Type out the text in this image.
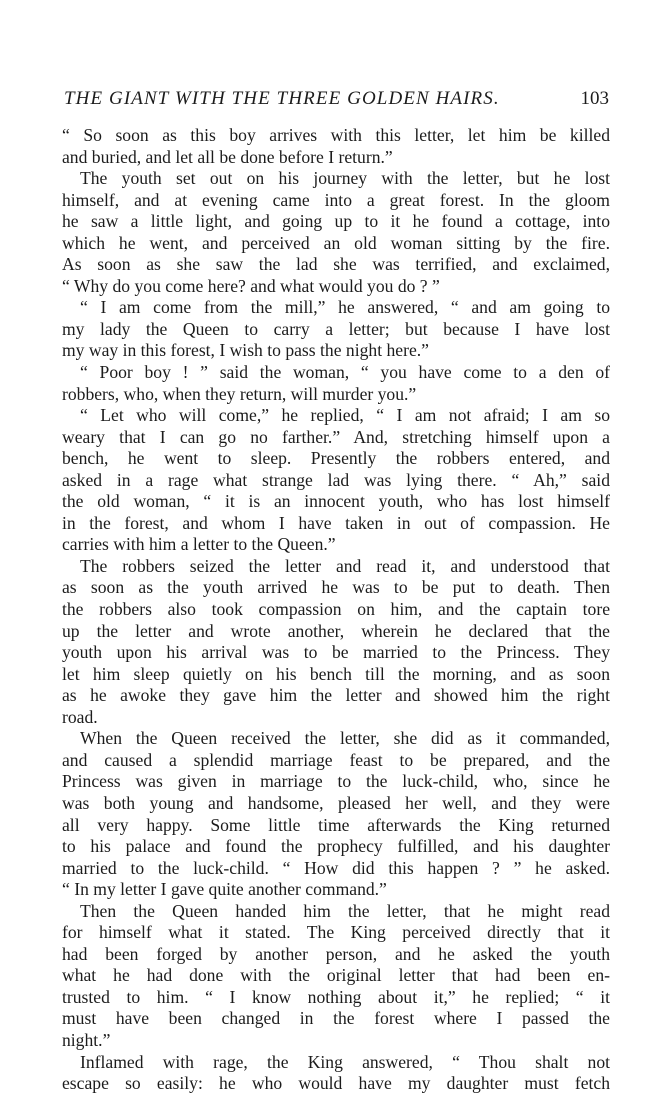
THE GIANT WITH THE THREE GOLDEN HAIRS.	103
“ So soon as this boy arrives with this letter, let him be killed
and buried, and let all be done before I return.”
The youth set out on his journey with the letter, but he lost
himself, and at evening came into a great forest. In the gloom
he saw a little light, and going up to it he found a cottage, into
which he went, and perceived an old woman sitting by the fire.
As soon as she saw the lad she was terrified, and exclaimed,
“ Why do you come here? and what would you do ? ”
“ I am come from the mill,” he answered, “ and am going to
my lady the Queen to carry a letter; but because I have lost
my way in this forest, I wish to pass the night here.”
“ Poor boy ! ” said the woman, “ you have come to a den of
robbers, who, when they return, will murder you.”
“ Let who will come,” he replied, “ I am not afraid; I am so
weary that I can go no farther.” And, stretching himself upon a
bench, he went to sleep. Presently the robbers entered, and
asked in a rage what strange lad was lying there. “ Ah,” said
the old woman, “ it is an innocent youth, who has lost himself
in the forest, and whom I have taken in out of compassion. He
carries with him a letter to the Queen.”
The robbers seized the letter and read it, and understood that
as soon as the youth arrived he was to be put to death. Then
the robbers also took compassion on him, and the captain tore
up the letter and wrote another, wherein he declared that the
youth upon his arrival was to be married to the Princess. They
let him sleep quietly on his bench till the morning, and as soon
as he awoke they gave him the letter and showed him the right
road.
When the Queen received the letter, she did as it commanded,
and caused a splendid marriage feast to be prepared, and the
Princess was given in marriage to the luck-child, who, since he
was both young and handsome, pleased her well, and they were
all very happy. Some little time afterwards the King returned
to his palace and found the prophecy fulfilled, and his daughter
married to the luck-child. “ How did this happen ? ” he asked.
“ In my letter I gave quite another command.”
Then the Queen handed him the letter, that he might read
for himself what it stated. The King perceived directly that it
had been forged by another person, and he asked the youth
what he had done with the original letter that had been en-
trusted to him. “ I know nothing about it,” he replied; “ it
must have been changed in the forest where I passed the
night.”
Inflamed with rage, the King answered, “ Thou shalt not
escape so easily: he who would have my daughter must fetch
